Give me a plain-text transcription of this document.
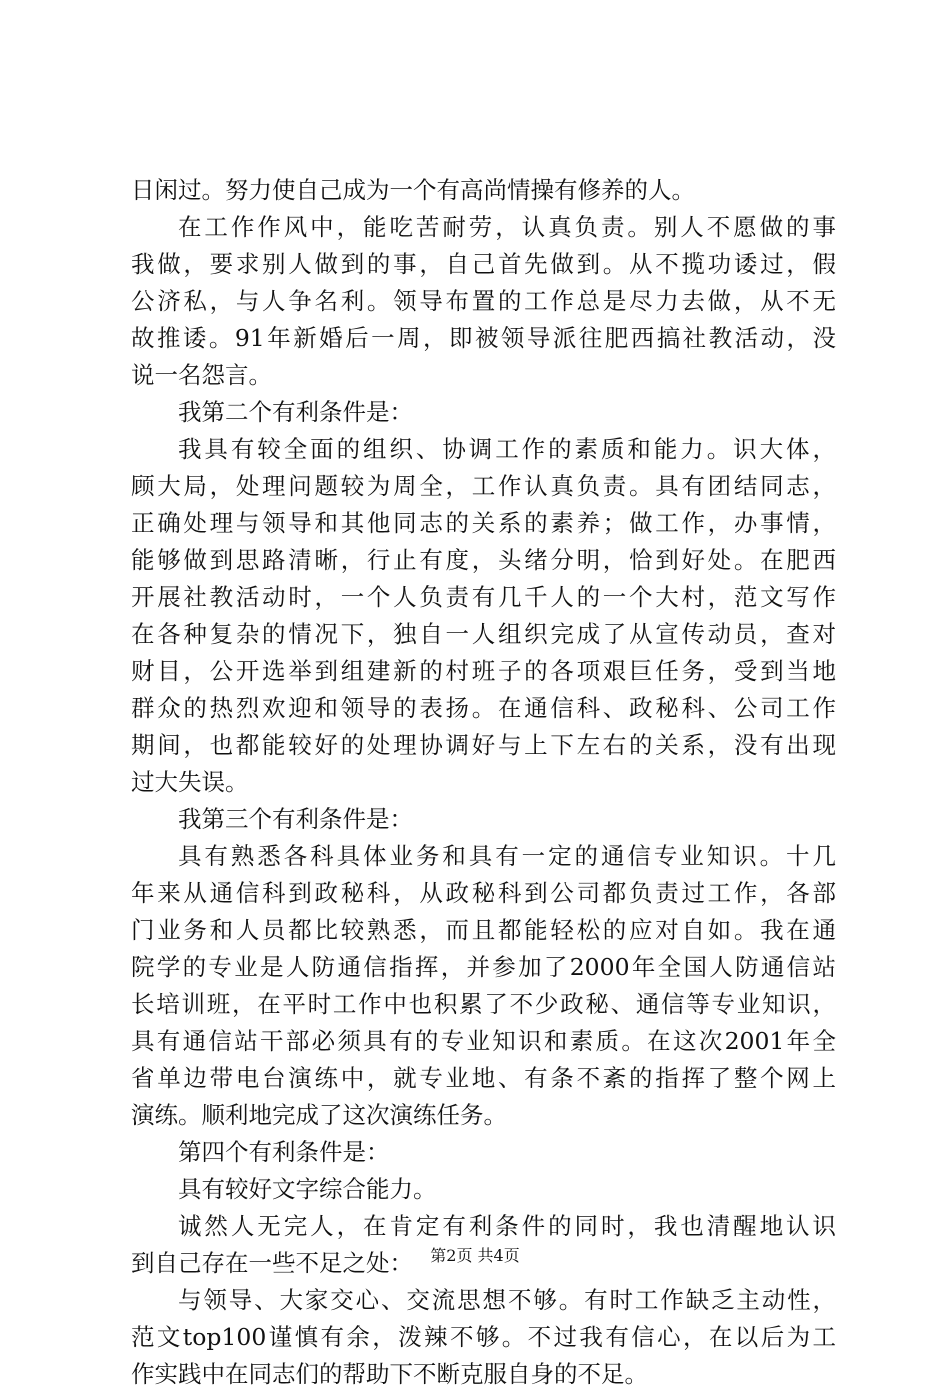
日闲过。努力使自己成为一个有高尚情操有修养的人。
在工作作风中，能吃苦耐劳，认真负责。别人不愿做的事
我做，要求别人做到的事，自己首先做到。从不揽功诿过，假
公济私，与人争名利。领导布置的工作总是尽力去做，从不无
故推诿。91年新婚后一周，即被领导派往肥西搞社教活动，没
说一名怨言。
我第二个有利条件是：
我具有较全面的组织、协调工作的素质和能力。识大体，
顾大局，处理问题较为周全，工作认真负责。具有团结同志，
正确处理与领导和其他同志的关系的素养；做工作，办事情，
能够做到思路清晰，行止有度，头绪分明，恰到好处。在肥西
开展社教活动时，一个人负责有几千人的一个大村，范文写作
在各种复杂的情况下，独自一人组织完成了从宣传动员，查对
财目，公开选举到组建新的村班子的各项艰巨任务，受到当地
群众的热烈欢迎和领导的表扬。在通信科、政秘科、公司工作
期间，也都能较好的处理协调好与上下左右的关系，没有出现
过大失误。
我第三个有利条件是：
具有熟悉各科具体业务和具有一定的通信专业知识。十几
年来从通信科到政秘科，从政秘科到公司都负责过工作，各部
门业务和人员都比较熟悉，而且都能轻松的应对自如。我在通
院学的专业是人防通信指挥，并参加了2000年全国人防通信站
长培训班，在平时工作中也积累了不少政秘、通信等专业知识，
具有通信站干部必须具有的专业知识和素质。在这次2001年全
省单边带电台演练中，就专业地、有条不紊的指挥了整个网上
演练。顺利地完成了这次演练任务。
第四个有利条件是：
具有较好文字综合能力。
诚然人无完人，在肯定有利条件的同时，我也清醒地认识
到自己存在一些不足之处：
与领导、大家交心、交流思想不够。有时工作缺乏主动性，
范文top100谨慎有余，泼辣不够。不过我有信心，在以后为工
作实践中在同志们的帮助下不断克服自身的不足。
第2页 共4页
